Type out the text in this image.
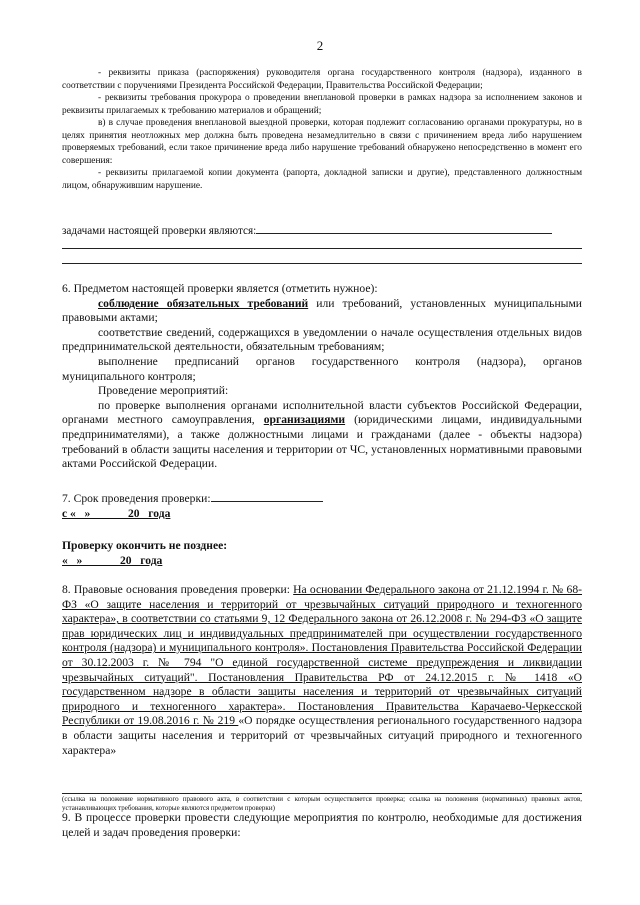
2

- реквизиты приказа (распоряжения) руководителя органа государственного контроля (надзора), изданного в соответствии с поручениями Президента Российской Федерации, Правительства Российской Федерации;

- реквизиты требования прокурора о проведении внеплановой проверки в рамках надзора за исполнением законов и реквизиты прилагаемых к требованию материалов и обращений;

в) в случае проведения внеплановой выездной проверки, которая подлежит согласованию органами прокуратуры, но в целях принятия неотложных мер должна быть проведена незамедлительно в связи с причинением вреда либо нарушением проверяемых требований, если такое причинение вреда либо нарушение требований обнаружено непосредственно в момент его совершения:

- реквизиты прилагаемой копии документа (рапорта, докладной записки и другие), представленного должностным лицом, обнаружившим нарушение.

задачами настоящей проверки являются:

6. Предметом настоящей проверки является (отметить нужное):

соблюдение обязательных требований или требований, установленных муниципальными правовыми актами;

соответствие сведений, содержащихся в уведомлении о начале осуществления отдельных видов предпринимательской деятельности, обязательным требованиям;

выполнение предписаний органов государственного контроля (надзора), органов муниципального контроля;

Проведение мероприятий:

по проверке выполнения органами исполнительной власти субъектов Российской Федерации, органами местного самоуправления, организациями (юридическими лицами, индивидуальными предпринимателями), а также должностными лицами и гражданами (далее - объекты надзора) требований в области защиты населения и территории от ЧС, установленных нормативными правовыми актами Российской Федерации.

7. Срок проведения проверки:

с «   »             20   года

Проверку окончить не позднее:

«   »             20   года

8. Правовые основания проведения проверки: На основании Федерального закона от 21.12.1994 г. № 68-ФЗ «О защите населения и территорий от чрезвычайных ситуаций природного и техногенного характера», в соответствии со статьями 9, 12 Федерального закона от 26.12.2008 г. № 294-ФЗ «О защите прав юридических лиц и индивидуальных предпринимателей при осуществлении государственного контроля (надзора) и муниципального контроля». Постановления Правительства Российской Федерации от 30.12.2003 г. № 794 "О единой государственной системе предупреждения и ликвидации чрезвычайных ситуаций". Постановления Правительства РФ от 24.12.2015 г. № 1418 «О государственном надзоре в области защиты населения и территорий от чрезвычайных ситуаций природного и техногенного характера». Постановления Правительства Карачаево-Черкесской Республики от 19.08.2016 г. № 219 «О порядке осуществления регионального государственного надзора в области защиты населения и территорий от чрезвычайных ситуаций природного и техногенного характера»

(ссылка на положение нормативного правового акта, в соответствии с которым осуществляется проверка; ссылка на положения (нормативных) правовых актов, устанавливающих требования, которые являются предметом проверки)

9. В процессе проверки провести следующие мероприятия по контролю, необходимые для достижения целей и задач проведения проверки:
